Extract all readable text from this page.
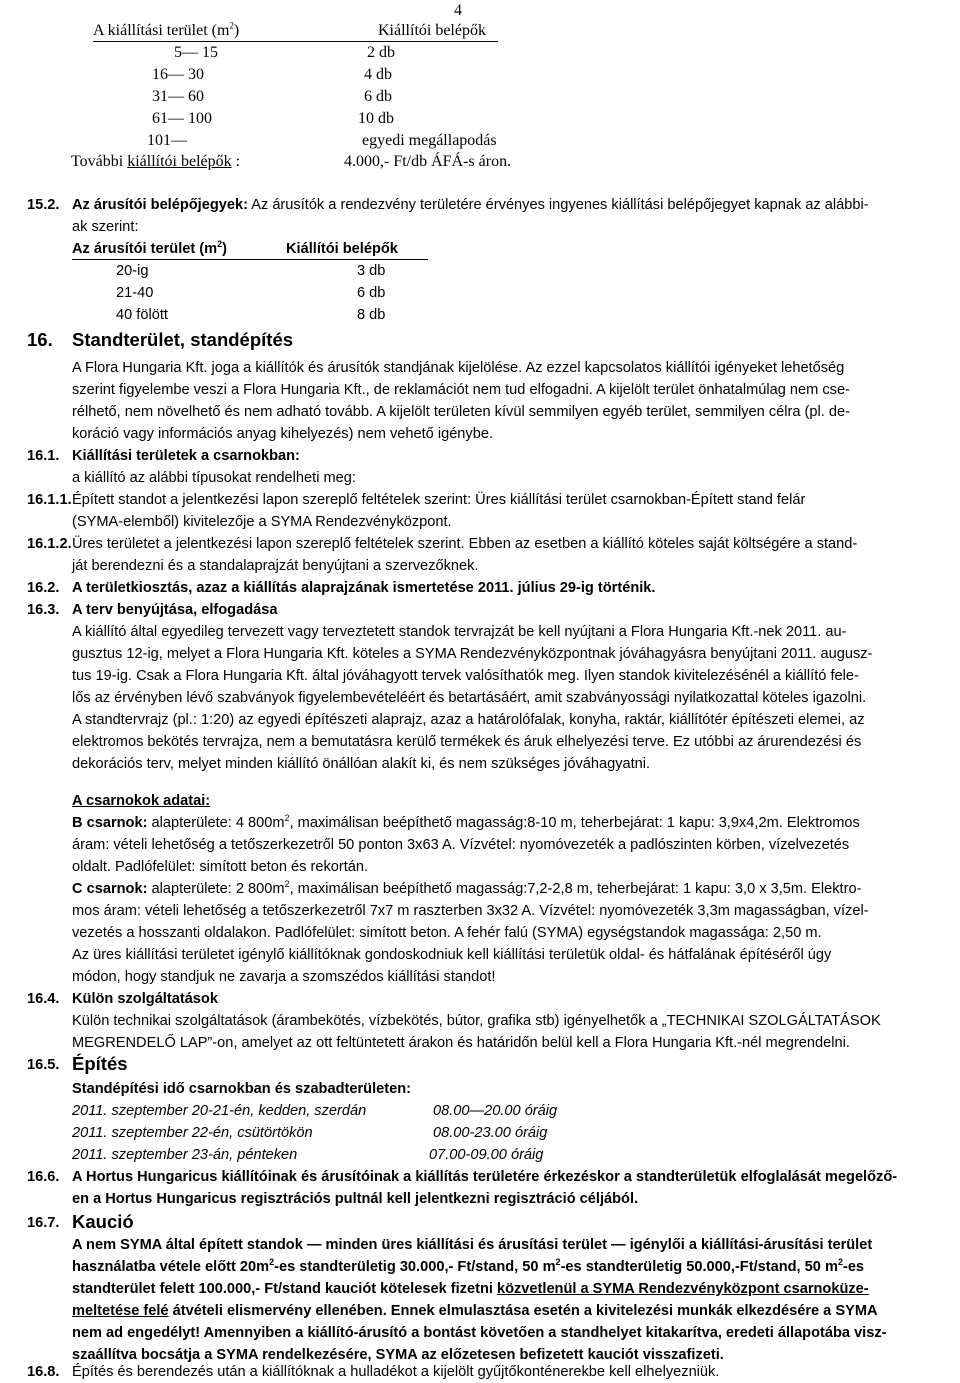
4
A kiállítási terület $(m^2)$	Kiállítói belépők
5— 15	2 db
16— 30	4 db
31— 60	6 db
61— 100	10 db
101—	egyedi megállapodás
További kiállítói belépők :	4.000,- Ft/db ÁFÁ-s áron.
15.2. Az árusítói belépőjegyek: Az árusítók a rendezvény területére érvényes ingyenes kiállítási belépőjegyet kapnak az alábbi-
ak szerint:
Az árusítói terület $(m^2)$	Kiállítói belépők
20-ig	3 db
21-40	6 db
40 fölött	8 db
16. Standterület, standépítés
A Flora Hungaria Kft. joga a kiállítók és árusítók standjának kijelölése. Az ezzel kapcsolatos kiállítói igényeket lehetőség
szerint figyelembe veszi a Flora Hungaria Kft., de reklamációt nem tud elfogadni. A kijelölt terület önhatalmúlag nem cse-
rélhető, nem növelhető és nem adható tovább. A kijelölt területen kívül semmilyen egyéb terület, semmilyen célra (pl. de-
koráció vagy információs anyag kihelyezés) nem vehető igénybe.
16.1. Kiállítási területek a csarnokban:
a kiállító az alábbi típusokat rendelheti meg:
16.1.1. Épített standot a jelentkezési lapon szereplő feltételek szerint: Üres kiállítási terület csarnokban-Épített stand felár
(SYMA-elemből) kivitelezője a SYMA Rendezvényközpont.
16.1.2. Üres területet a jelentkezési lapon szereplő feltételek szerint. Ebben az esetben a kiállító köteles saját költségére a stand-
ját berendezni és a standalaprajzát benyújtani a szervezőknek.
16.2. A területkiosztás, azaz a kiállítás alaprajzának ismertetése 2011. július 29-ig történik.
16.3. A terv benyújtása, elfogadása
A kiállító által egyedileg tervezett vagy terveztetett standok tervrajzát be kell nyújtani a Flora Hungaria Kft.-nek 2011. au-
gusztus 12-ig, melyet a Flora Hungaria Kft. köteles a SYMA Rendezvényközpontnak jóváhagyásra benyújtani 2011. augusz-
tus 19-ig. Csak a Flora Hungaria Kft. által jóváhagyott tervek valósíthatók meg. Ilyen standok kivitelezésénél a kiállító fele-
lős az érvényben lévő szabványok figyelembevételéért és betartásáért, amit szabványossági nyilatkozattal köteles igazolni.
A standtervrajz (pl.: 1:20) az egyedi építészeti alaprajz, azaz a határolófalak, konyha, raktár, kiállítótér építészeti elemei, az
elektromos bekötés tervrajza, nem a bemutatásra kerülő termékek és áruk elhelyezési terve. Ez utóbbi az árurendezési és
dekorációs terv, melyet minden kiállító önállóan alakít ki, és nem szükséges jóváhagyatni.
A csarnokok adatai:
B csarnok: alapterülete: 4 $800m^2$, maximálisan beépíthető magasság:8-10 m, teherbejárat: 1 kapu: 3,9x4,2m. Elektromos
áram: vételi lehetőség a tetőszerkezetről 50 ponton 3x63 A. Vízvétel: nyomóvezeték a padlószinten körben, vízelvezetés
oldalt. Padlófelület: simított beton és rekortán.
C csarnok: alapterülete: 2 $800m^2$, maximálisan beépíthető magasság:7,2-2,8 m, teherbejárat: 1 kapu: 3,0 x 3,5m. Elektro-
mos áram: vételi lehetőség a tetőszerkezetről 7x7 m raszterben 3x32 A. Vízvétel: nyomóvezeték 3,3m magasságban, vízel-
vezetés a hosszanti oldalakon. Padlófelület: simított beton. A fehér falú (SYMA) egységstandok magassága: 2,50 m.
Az üres kiállítási területet igénylő kiállítóknak gondoskodniuk kell kiállítási területük oldal- és hátfalának építéséről úgy
módon, hogy standjuk ne zavarja a szomszédos kiállítási standot!
16.4. Külön szolgáltatások
Külön technikai szolgáltatások (árambekötés, vízbekötés, bútor, grafika stb) igényelhetők a „TECHNIKAI SZOLGÁLTATÁSOK
MEGRENDELŐ LAP”-on, amelyet az ott feltüntetett árakon és határidőn belül kell a Flora Hungaria Kft.-nél megrendelni.
16.5. Építés
Standépítési idő csarnokban és szabadterületen:
2011. szeptember 20-21-én, kedden, szerdán	08.00—20.00 óráig
2011. szeptember 22-én, csütörtökön	08.00-23.00 óráig
2011. szeptember 23-án, pénteken	07.00-09.00 óráig
16.6. A Hortus Hungaricus kiállítóinak és árusítóinak a kiállítás területére érkezéskor a standterületük elfoglalását megelőző-
en a Hortus Hungaricus regisztrációs pultnál kell jelentkezni regisztráció céljából.
16.7. Kaució
A nem SYMA által épített standok — minden üres kiállítási és árusítási terület — igénylői a kiállítási-árusítási terület
használatba vétele előtt $20m^2-es$ standterületig 30.000,- Ft/stand, 50 $m^2-es$ standterületig 50.000,-Ft/stand, 50 $m^2-es$
standterület felett 100.000,- Ft/stand kauciót kötelesek fizetni közvetlenül a SYMA Rendezvényközpont csarnoküze-
meltetése felé átvételi elismervény ellenében. Ennek elmulasztása esetén a kivitelezési munkák elkezdésére a SYMA
nem ad engedélyt! Amennyiben a kiállító-árusító a bontást követően a standhelyet kitakarítva, eredeti állapotába visz-
szaállítva bocsátja a SYMA rendelkezésére, SYMA az előzetesen befizetett kauciót visszafizeti.
16.8. Építés és berendezés után a kiállítóknak a hulladékot a kijelölt gyűjtőkonténerekbe kell elhelyezniük.
